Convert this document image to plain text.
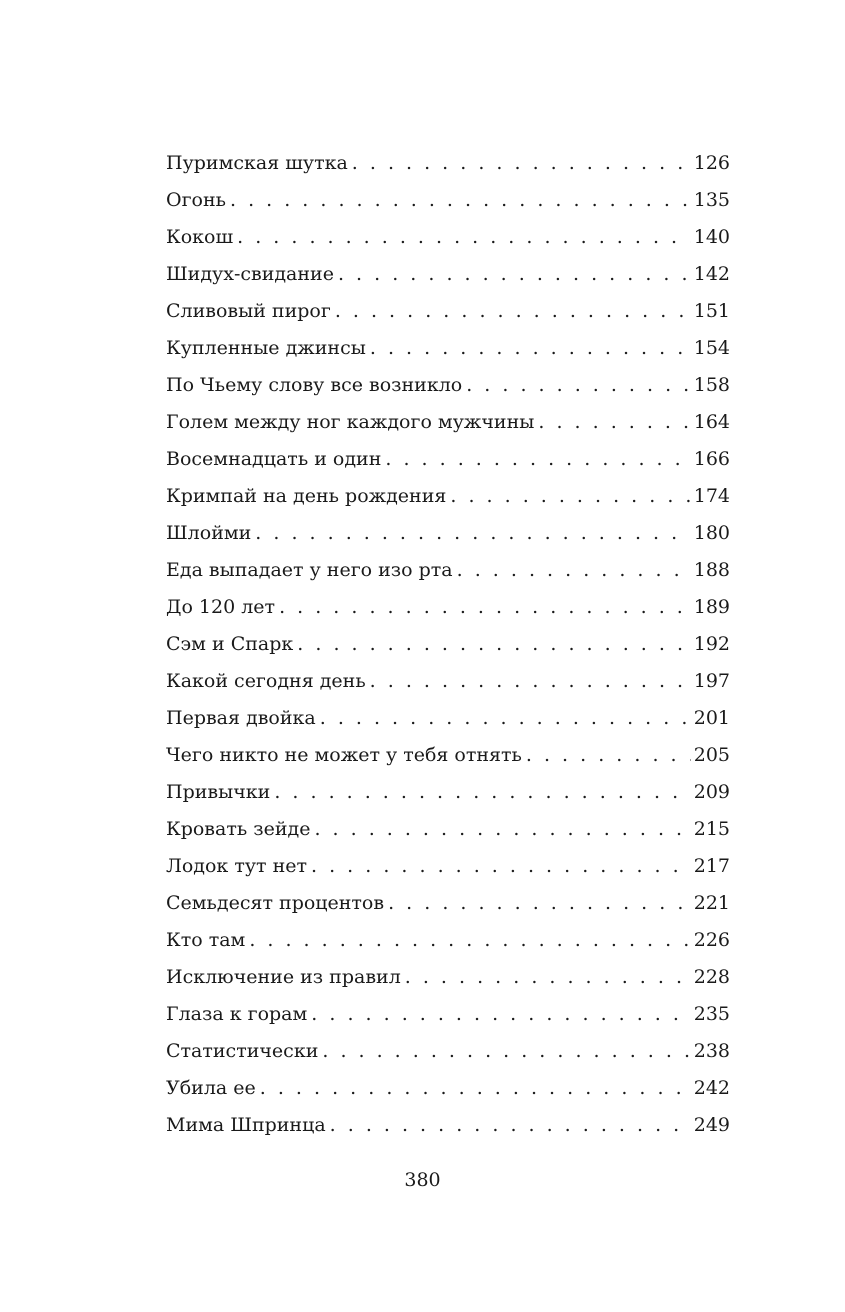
Пуримская шутка . . .	126
Огонь . . .	135
Кокош . . .	140
Шидух-свидание . . .	142
Сливовый пирог . . .	151
Купленные джинсы . . .	154
По Чьему слову все возникло . . .	158
Голем между ног каждого мужчины . . .	164
Восемнадцать и один . . .	166
Кримпай на день рождения . . .	174
Шлойми . . .	180
Еда выпадает у него изо рта . . .	188
До 120 лет . . .	189
Сэм и Спарк . . .	192
Какой сегодня день . . .	197
Первая двойка . . .	201
Чего никто не может у тебя отнять . . .	205
Привычки . . .	209
Кровать зейде . . .	215
Лодок тут нет . . .	217
Семьдесят процентов . . .	221
Кто там . . .	226
Исключение из правил . . .	228
Глаза к горам . . .	235
Статистически . . .	238
Убила ее . . .	242
Мима Шпринца . . .	249
380
